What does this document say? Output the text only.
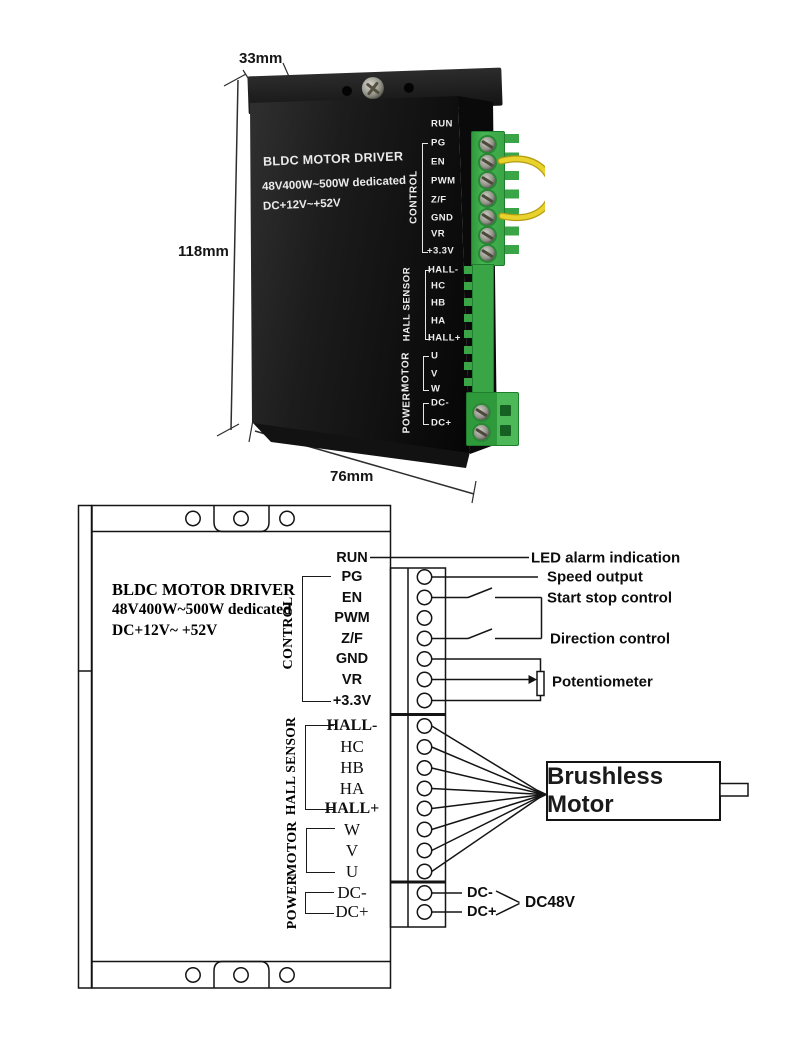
BLDC MOTOR DRIVER
48V400W~500W dedicated
DC+12V~+52V
RUN
PG
EN
PWM
Z/F
GND
VR
+3.3V
HALL-
HC
HB
HA
HALL+
U
V
W
DC-
DC+
CONTROL
HALL SENSOR
MOTOR
POWER
33mm
118mm
76mm
BLDC MOTOR DRIVER
48V400W~500W dedicated
DC+12V~ +52V	CONTROL
HALL SENSOR
MOTOR
POWER
RUN
PG
EN
PWM
Z/F
GND
VR
+3.3V
HALL-
HC
HB
HA
HALL+
W
V
U
DC-
DC+
LED alarm indication
Speed output
Start stop control
Direction control
Potentiometer
DC-
DC+
DC48V
Brushless Motor
